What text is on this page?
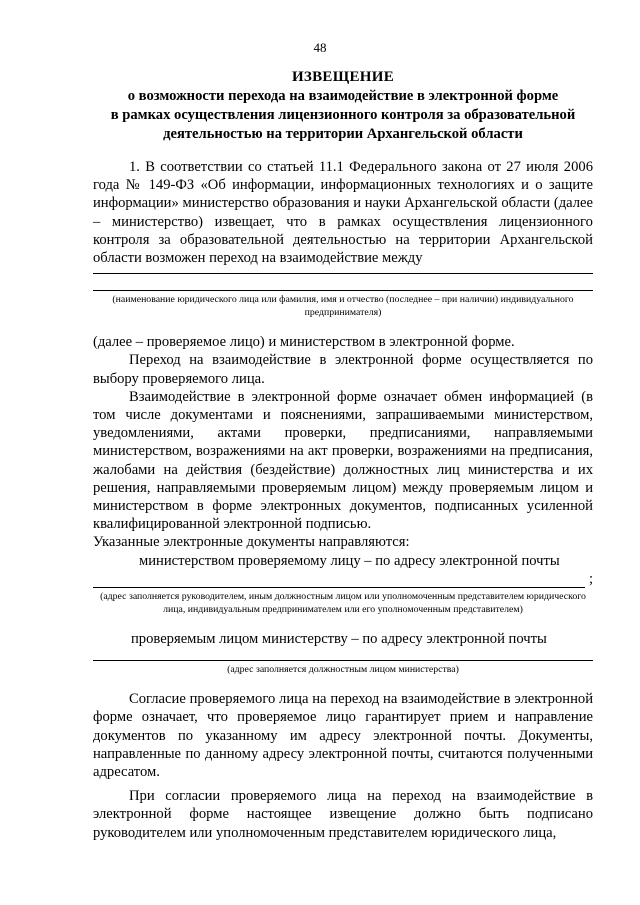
48
ИЗВЕЩЕНИЕ
о возможности перехода на взаимодействие в электронной форме
в рамках осуществления лицензионного контроля за образовательной
деятельностью на территории Архангельской области

1. В соответствии со статьей 11.1 Федерального закона от 27 июля 2006 года № 149-ФЗ «Об информации, информационных технологиях и о защите информации» министерство образования и науки Архангельской области (далее – министерство) извещает, что в рамках осуществления лицензионного контроля за образовательной деятельностью на территории Архангельской области возможен переход на взаимодействие между

(наименование юридического лица или фамилия, имя и отчество (последнее – при наличии) индивидуального предпринимателя)

(далее – проверяемое лицо) и министерством в электронной форме.

Переход на взаимодействие в электронной форме осуществляется по выбору проверяемого лица.

Взаимодействие в электронной форме означает обмен информацией (в том числе документами и пояснениями, запрашиваемыми министерством, уведомлениями, актами проверки, предписаниями, направляемыми министерством, возражениями на акт проверки, возражениями на предписания, жалобами на действия (бездействие) должностных лиц министерства и их решения, направляемыми проверяемым лицом) между проверяемым лицом и министерством в форме электронных документов, подписанных усиленной квалифицированной электронной подписью.

Указанные электронные документы направляются:

министерством проверяемому лицу – по адресу электронной почты

;
(адрес заполняется руководителем, иным должностным лицом или уполномоченным представителем юридического лица, индивидуальным предпринимателем или его уполномоченным представителем)

проверяемым лицом министерству – по адресу электронной почты

(адрес заполняется должностным лицом министерства)

Согласие проверяемого лица на переход на взаимодействие в электронной форме означает, что проверяемое лицо гарантирует прием и направление документов по указанному им адресу электронной почты. Документы, направленные по данному адресу электронной почты, считаются полученными адресатом.

При согласии проверяемого лица на переход на взаимодействие в электронной форме настоящее извещение должно быть подписано руководителем или уполномоченным представителем юридического лица,
